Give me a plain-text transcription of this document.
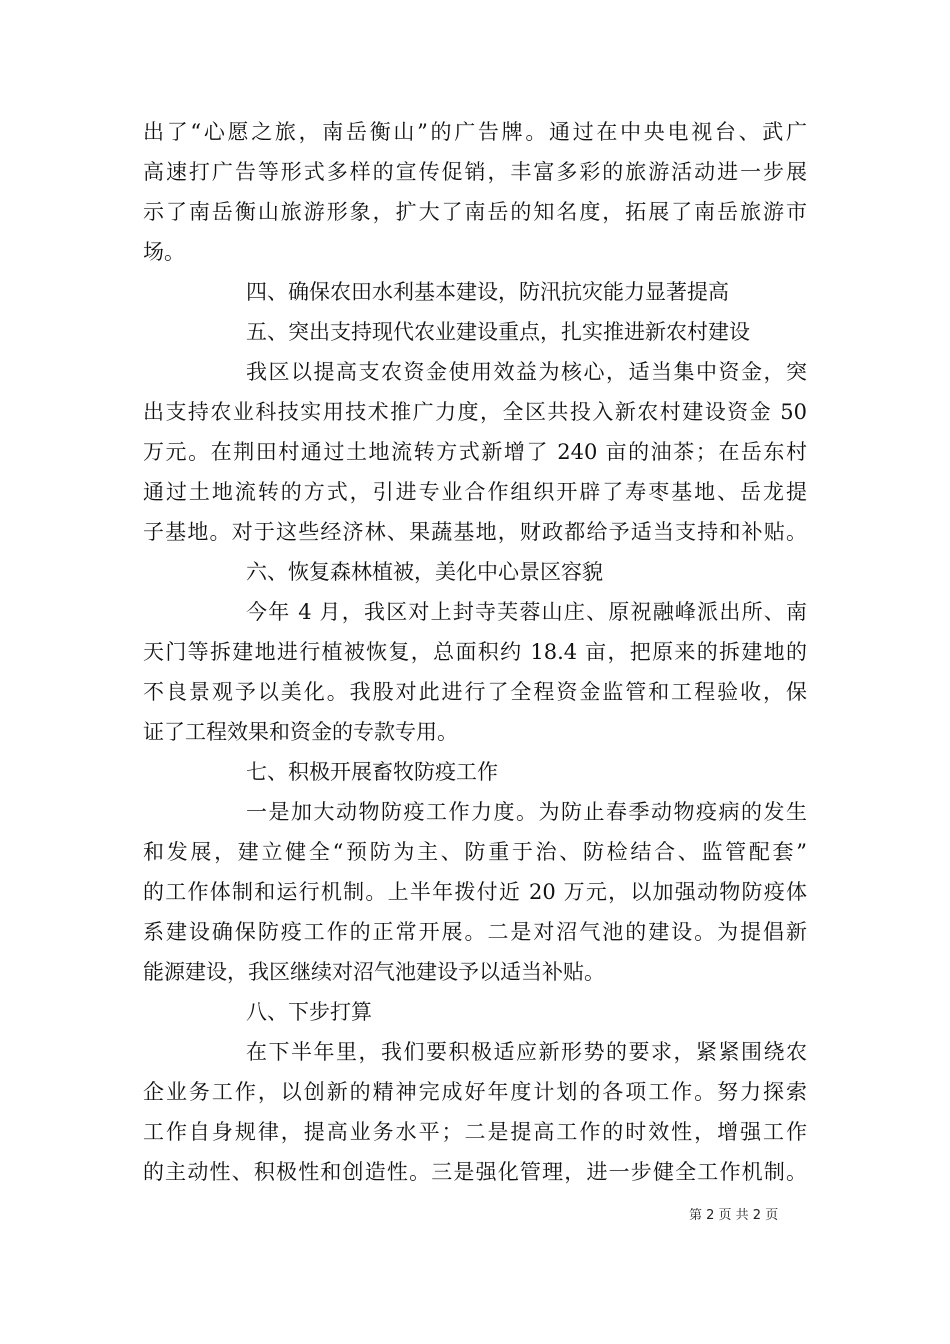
出了“心愿之旅，南岳衡山”的广告牌。通过在中央电视台、武广
高速打广告等形式多样的宣传促销，丰富多彩的旅游活动进一步展
示了南岳衡山旅游形象，扩大了南岳的知名度，拓展了南岳旅游市
场。
四、确保农田水利基本建设，防汛抗灾能力显著提高
五、突出支持现代农业建设重点，扎实推进新农村建设
我区以提高支农资金使用效益为核心，适当集中资金，突
出支持农业科技实用技术推广力度，全区共投入新农村建设资金 50
万元。在荆田村通过土地流转方式新增了 240 亩的油茶；在岳东村
通过土地流转的方式，引进专业合作组织开辟了寿枣基地、岳龙提
子基地。对于这些经济林、果蔬基地，财政都给予适当支持和补贴。
六、恢复森林植被，美化中心景区容貌
今年 4 月，我区对上封寺芙蓉山庄、原祝融峰派出所、南
天门等拆建地进行植被恢复，总面积约 18.4 亩，把原来的拆建地的
不良景观予以美化。我股对此进行了全程资金监管和工程验收，保
证了工程效果和资金的专款专用。
七、积极开展畜牧防疫工作
一是加大动物防疫工作力度。为防止春季动物疫病的发生
和发展，建立健全“预防为主、防重于治、防检结合、监管配套”
的工作体制和运行机制。上半年拨付近 20 万元，以加强动物防疫体
系建设确保防疫工作的正常开展。二是对沼气池的建设。为提倡新
能源建设，我区继续对沼气池建设予以适当补贴。
八、下步打算
在下半年里，我们要积极适应新形势的要求，紧紧围绕农
企业务工作，以创新的精神完成好年度计划的各项工作。努力探索
工作自身规律，提高业务水平；二是提高工作的时效性，增强工作
的主动性、积极性和创造性。三是强化管理，进一步健全工作机制。
第 2 页 共 2 页
